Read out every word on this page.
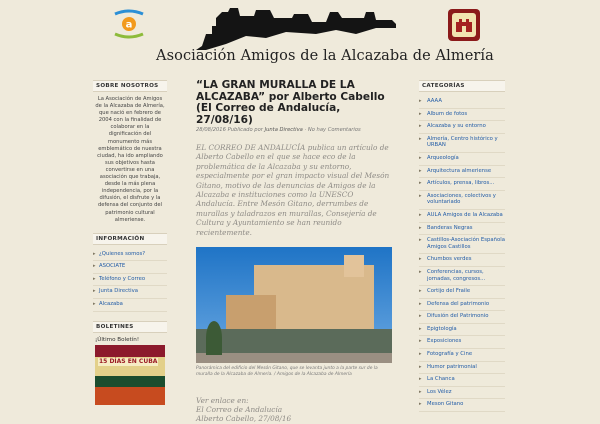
a
Asociación Amigos de la Alcazaba de Almería
SOBRE NOSOTROS
La Asociación de Amigos de la Alcazaba de Almería, que nació en febrero de 2004 con la finalidad de colaborar en la dignificación del monumento más emblemático de nuestra ciudad, ha ido ampliando sus objetivos hasta convertirse en una asociación que trabaja, desde la más plena independencia, por la difusión, el disfrute y la defensa del conjunto del patrimonio cultural almeriense.
INFORMACIÓN
▸ ¿Quienes somos?
▸ ASOCIATE
▸ Teléfono y Correo
▸ Junta Directiva
▸ Alcazaba
BOLETINES
¡Último Boletín!
15 DÍAS EN CUBA
“LA GRAN MURALLA DE LA ALCAZABA” por Alberto Cabello (El Correo de Andalucía, 27/08/16)
28/08/2016 Publicado por Junta Directiva · No hay Comentarios
EL CORREO DE ANDALUCÍA publica un artículo de Alberto Cabello en el que se hace eco de la problemática de la Alcazaba y su entorno, especialmente por el gran impacto visual del Mesón Gitano, motivo de las denuncias de Amigos de la Alcazaba e instituciones como la UNESCO Andalucía. Entre Mesón Gitano, derrumbes de murallas y taladrazos en murallas, Consejería de Cultura y Ayuntamiento se han reunido recientemente.
Panorámica del edificio del Mesón Gitano, que se levanta junto a la parte sur de la muralla de la Alcazaba de Almería. / Amigos de la Alcazaba de Almería
Ver enlace en:
El Correo de Andalucía
Alberto Cabello, 27/08/16
CATEGORÍAS
▸ AAAA
▸ Album de fotos
▸ Alcazaba y su entorno
▸ Almería, Centro histórico y URBAN
▸ Arqueología
▸ Arquitectura almeriense
▸ Artículos, prensa, libros...
▸ Asociaciones, colectivos y voluntariado
▸ AULA Amigos de la Alcazaba
▸ Banderas Negras
▸ Castillos-Asociación Española Amigos Castillos
▸ Chumbos verdes
▸ Conferencias, cursos, jornadas, congresos...
▸ Cortijo del Fraile
▸ Defensa del patrimonio
▸ Difusión del Patrimonio
▸ Epigtología
▸ Exposiciones
▸ Fotografía y Cine
▸ Humor patrimonial
▸ La Chanca
▸ Los Vélez
▸ Meson Gitano
